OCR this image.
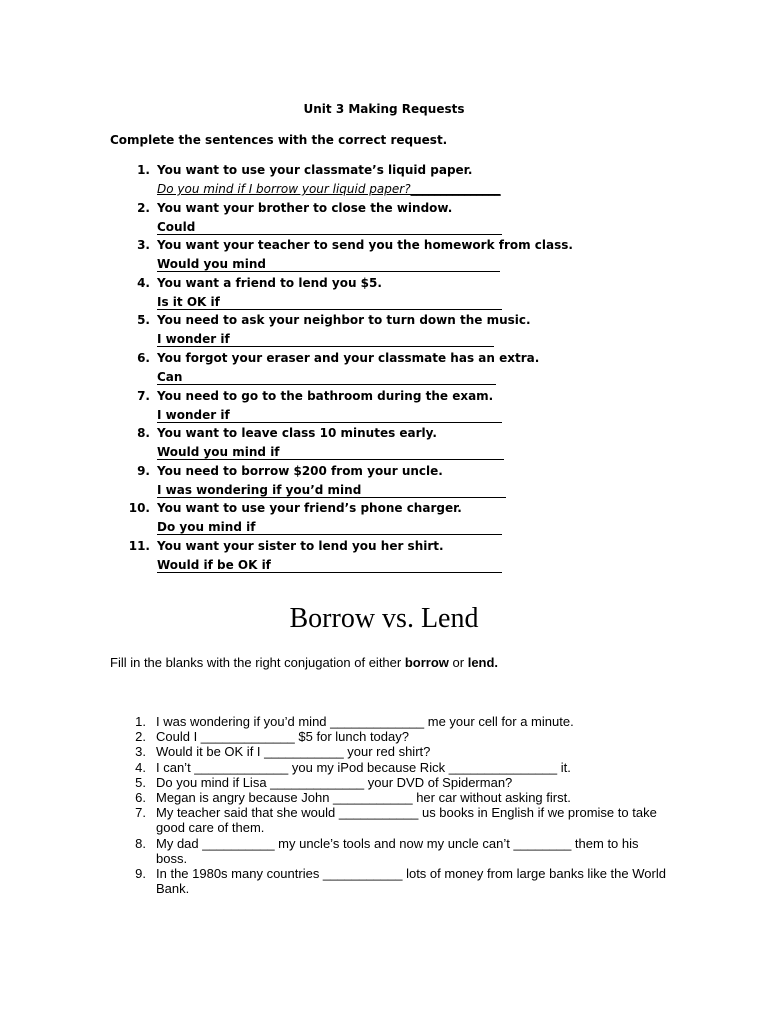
Unit 3 Making Requests
Complete the sentences with the correct request.
1. You want to use your classmate’s liquid paper.
Do you mind if I borrow your liquid paper?_______________
2. You want your brother to close the window.
Could
3. You want your teacher to send you the homework from class.
Would you mind
4. You want a friend to lend you $5.
Is it OK if
5. You need to ask your neighbor to turn down the music.
I wonder if
6. You forgot your eraser and your classmate has an extra.
Can
7. You need to go to the bathroom during the exam.
I wonder if
8. You want to leave class 10 minutes early.
Would you mind if
9. You need to borrow $200 from your uncle.
I was wondering if you’d mind
10. You want to use your friend’s phone charger.
Do you mind if
11. You want your sister to lend you her shirt.
Would if be OK if
Borrow vs. Lend
Fill in the blanks with the right conjugation of either borrow or lend.
1. I was wondering if you’d mind _____________ me your cell for a minute.
2. Could I _____________ $5 for lunch today?
3. Would it be OK if I ___________ your red shirt?
4. I can’t _____________ you my iPod because Rick _______________ it.
5. Do you mind if Lisa _____________ your DVD of Spiderman?
6. Megan is angry because John ___________ her car without asking first.
7. My teacher said that she would ___________ us books in English if we promise to take good care of them.
8. My dad __________ my uncle’s tools and now my uncle can’t ________ them to his boss.
9. In the 1980s many countries ___________ lots of money from large banks like the World Bank.
